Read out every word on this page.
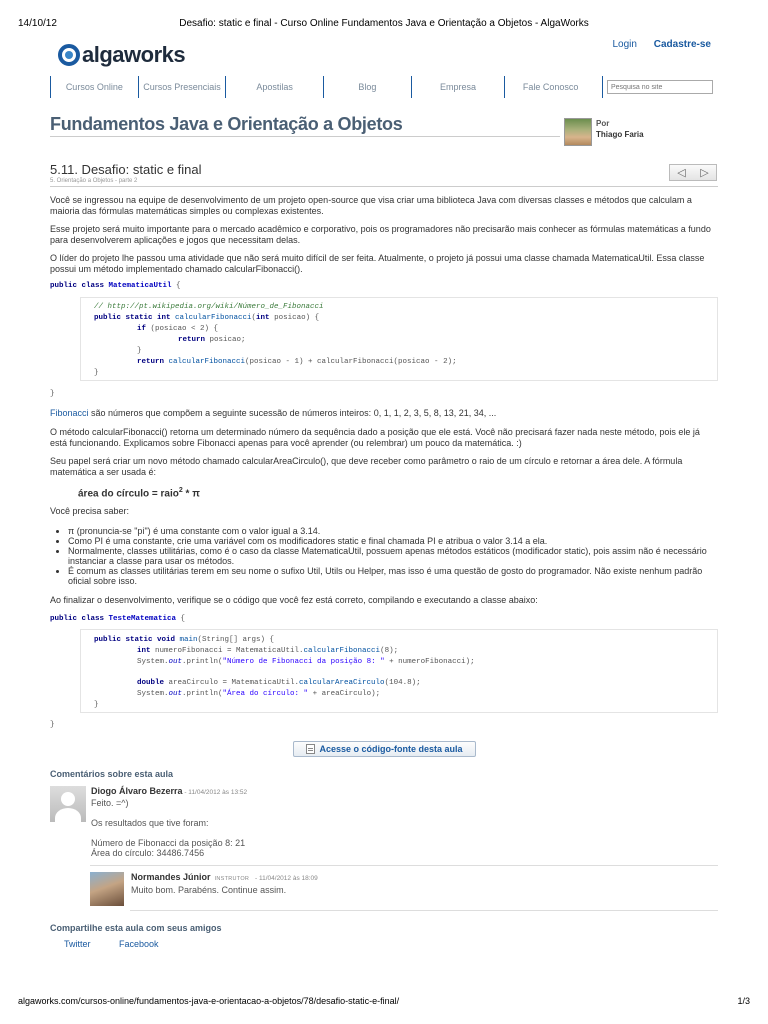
14/10/12	Desafio: static e final - Curso Online Fundamentos Java e Orientação a Objetos - AlgaWorks
algaworks	Login Cadastre-se
Cursos Online	Cursos Presenciais	Apostilas	Blog	Empresa	Fale Conosco
Pesquisa no site
Fundamentos Java e Orientação a Objetos	Por
Thiago Faria
5.11. Desafio: static e final
5. Orientação a Objetos - parte 2
◁ ▷
Você se ingressou na equipe de desenvolvimento de um projeto open-source que visa criar uma biblioteca Java com diversas classes e métodos que calculam a maioria das fórmulas matemáticas simples ou complexas existentes.
Esse projeto será muito importante para o mercado acadêmico e corporativo, pois os programadores não precisarão mais conhecer as fórmulas matemáticas a fundo para desenvolverem aplicações e jogos que necessitam delas.
O líder do projeto lhe passou uma atividade que não será muito difícil de ser feita. Atualmente, o projeto já possui uma classe chamada MatematicaUtil. Essa classe possui um método implementado chamado calcularFibonacci().
public class MatematicaUtil {
// http://pt.wikipedia.org/wiki/Número_de_Fibonacci
public static int calcularFibonacci(int posicao) {
if (posicao < 2) {
return posicao;
}
return calcularFibonacci(posicao - 1) + calcularFibonacci(posicao - 2);
}
}
Fibonacci são números que compõem a seguinte sucessão de números inteiros: 0, 1, 1, 2, 3, 5, 8, 13, 21, 34, ...
O método calcularFibonacci() retorna um determinado número da sequência dado a posição que ele está. Você não precisará fazer nada neste método, pois ele já está funcionando. Explicamos sobre Fibonacci apenas para você aprender (ou relembrar) um pouco da matemática. :)
Seu papel será criar um novo método chamado calcularAreaCirculo(), que deve receber como parâmetro o raio de um círculo e retornar a área dele. A fórmula matemática a ser usada é:
área do círculo = raio$^2$ * π
Você precisa saber:
• π (pronuncia-se "pi") é uma constante com o valor igual a 3.14.
• Como PI é uma constante, crie uma variável com os modificadores static e final chamada PI e atribua o valor 3.14 a ela.
• Normalmente, classes utilitárias, como é o caso da classe MatematicaUtil, possuem apenas métodos estáticos (modificador static), pois assim não é necessário instanciar a classe para usar os métodos.
• É comum as classes utilitárias terem em seu nome o sufixo Util, Utils ou Helper, mas isso é uma questão de gosto do programador. Não existe nenhum padrão oficial sobre isso.
Ao finalizar o desenvolvimento, verifique se o código que você fez está correto, compilando e executando a classe abaixo:
public class TesteMatematica {
public static void main(String[] args) {
int numeroFibonacci = MatematicaUtil.calcularFibonacci(8);
System.out.println("Número de Fibonacci da posição 8: " + numeroFibonacci);
double areaCirculo = MatematicaUtil.calcularAreaCirculo(104.8);
System.out.println("Área do círculo: " + areaCirculo);
}
}
Acesse o código-fonte desta aula
Comentários sobre esta aula
Diogo Álvaro Bezerra - 11/04/2012 às 13:52
Feito. =^)
Os resultados que tive foram:
Número de Fibonacci da posição 8: 21
Área do círculo: 34486.7456
Normandes Júnior INSTRUTOR - 11/04/2012 às 18:09
Muito bom. Parabéns. Continue assim.
Compartilhe esta aula com seus amigos
Twitter	Facebook
algaworks.com/cursos-online/fundamentos-java-e-orientacao-a-objetos/78/desafio-static-e-final/	1/3
